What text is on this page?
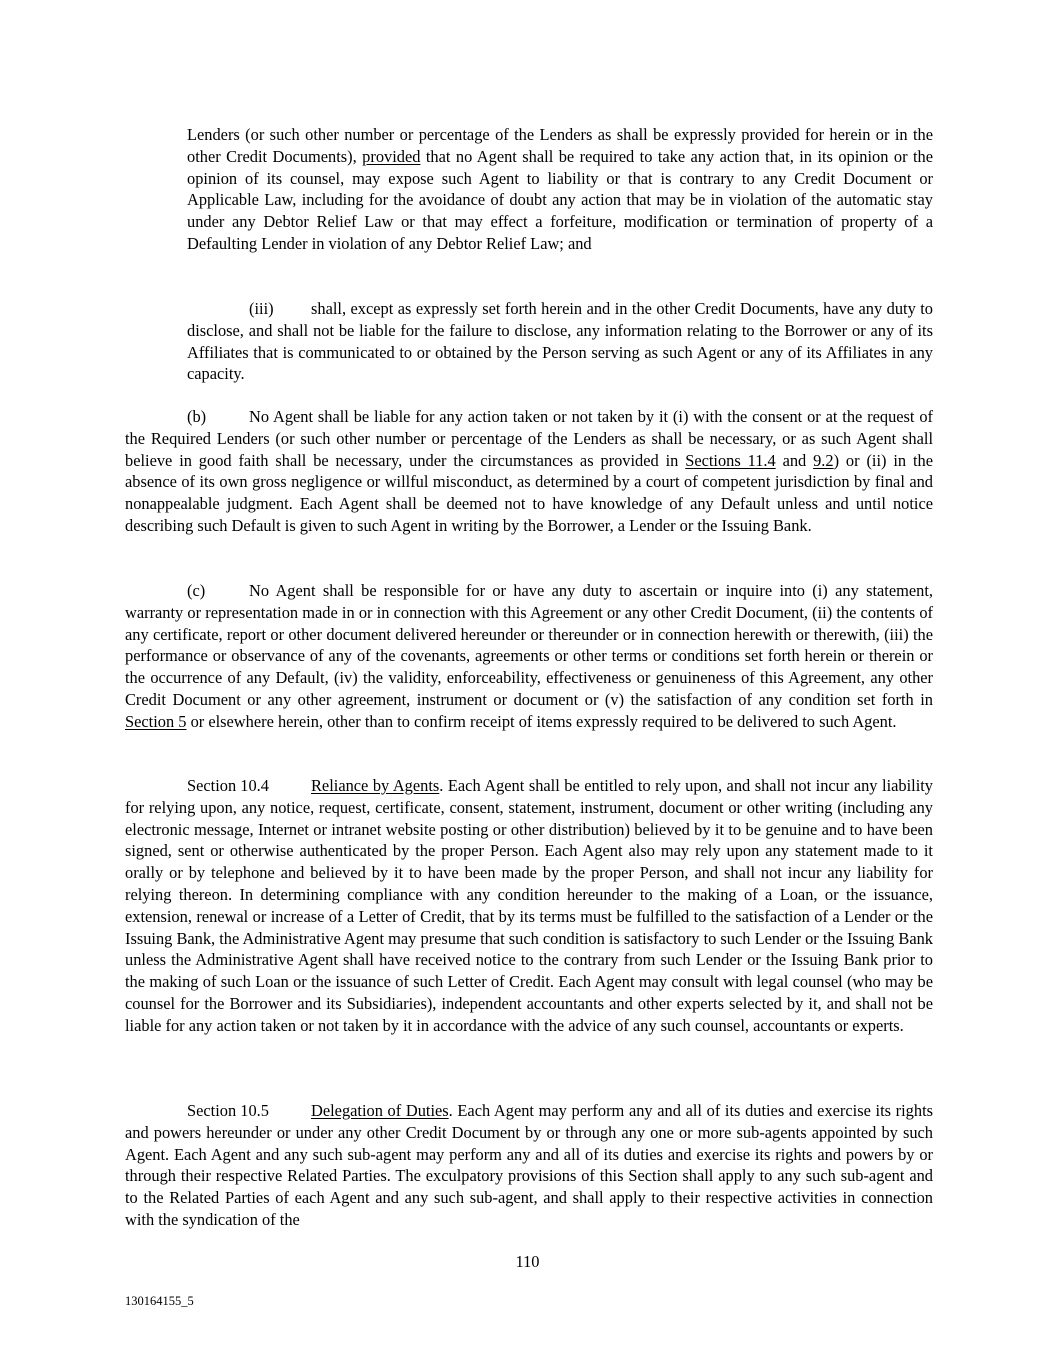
Lenders (or such other number or percentage of the Lenders as shall be expressly provided for herein or in the other Credit Documents), provided that no Agent shall be required to take any action that, in its opinion or the opinion of its counsel, may expose such Agent to liability or that is contrary to any Credit Document or Applicable Law, including for the avoidance of doubt any action that may be in violation of the automatic stay under any Debtor Relief Law or that may effect a forfeiture, modification or termination of property of a Defaulting Lender in violation of any Debtor Relief Law; and

(iii) shall, except as expressly set forth herein and in the other Credit Documents, have any duty to disclose, and shall not be liable for the failure to disclose, any information relating to the Borrower or any of its Affiliates that is communicated to or obtained by the Person serving as such Agent or any of its Affiliates in any capacity.

(b)	No Agent shall be liable for any action taken or not taken by it (i) with the consent or at the request of the Required Lenders (or such other number or percentage of the Lenders as shall be necessary, or as such Agent shall believe in good faith shall be necessary, under the circumstances as provided in Sections 11.4 and 9.2) or (ii) in the absence of its own gross negligence or willful misconduct, as determined by a court of competent jurisdiction by final and nonappealable judgment. Each Agent shall be deemed not to have knowledge of any Default unless and until notice describing such Default is given to such Agent in writing by the Borrower, a Lender or the Issuing Bank.

(c)	No Agent shall be responsible for or have any duty to ascertain or inquire into (i) any statement, warranty or representation made in or in connection with this Agreement or any other Credit Document, (ii) the contents of any certificate, report or other document delivered hereunder or thereunder or in connection herewith or therewith, (iii) the performance or observance of any of the covenants, agreements or other terms or conditions set forth herein or therein or the occurrence of any Default, (iv) the validity, enforceability, effectiveness or genuineness of this Agreement, any other Credit Document or any other agreement, instrument or document or (v) the satisfaction of any condition set forth in Section 5 or elsewhere herein, other than to confirm receipt of items expressly required to be delivered to such Agent.

Section 10.4	Reliance by Agents. Each Agent shall be entitled to rely upon, and shall not incur any liability for relying upon, any notice, request, certificate, consent, statement, instrument, document or other writing (including any electronic message, Internet or intranet website posting or other distribution) believed by it to be genuine and to have been signed, sent or otherwise authenticated by the proper Person. Each Agent also may rely upon any statement made to it orally or by telephone and believed by it to have been made by the proper Person, and shall not incur any liability for relying thereon. In determining compliance with any condition hereunder to the making of a Loan, or the issuance, extension, renewal or increase of a Letter of Credit, that by its terms must be fulfilled to the satisfaction of a Lender or the Issuing Bank, the Administrative Agent may presume that such condition is satisfactory to such Lender or the Issuing Bank unless the Administrative Agent shall have received notice to the contrary from such Lender or the Issuing Bank prior to the making of such Loan or the issuance of such Letter of Credit. Each Agent may consult with legal counsel (who may be counsel for the Borrower and its Subsidiaries), independent accountants and other experts selected by it, and shall not be liable for any action taken or not taken by it in accordance with the advice of any such counsel, accountants or experts.

Section 10.5	Delegation of Duties. Each Agent may perform any and all of its duties and exercise its rights and powers hereunder or under any other Credit Document by or through any one or more sub-agents appointed by such Agent. Each Agent and any such sub-agent may perform any and all of its duties and exercise its rights and powers by or through their respective Related Parties. The exculpatory provisions of this Section shall apply to any such sub-agent and to the Related Parties of each Agent and any such sub-agent, and shall apply to their respective activities in connection with the syndication of the

110
130164155_5
